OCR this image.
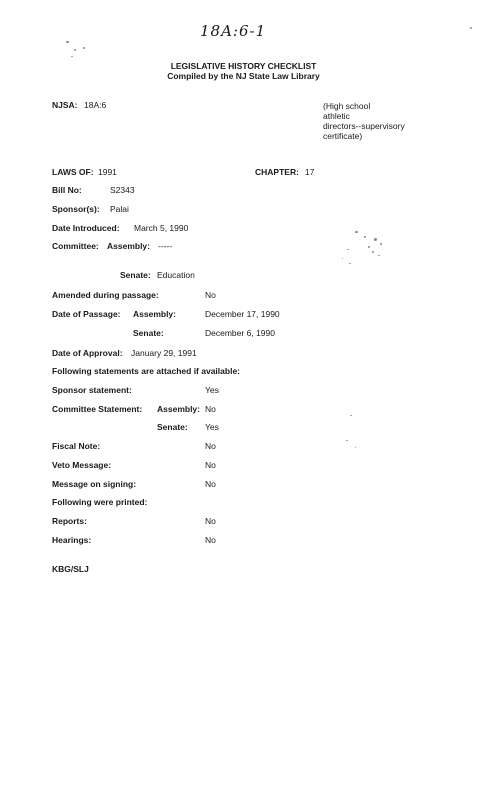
18A:6-1
LEGISLATIVE HISTORY CHECKLIST
Compiled by the NJ State Law Library
NJSA: 18A:6	(High school
athletic
directors--supervisory
certificate)
LAWS OF: 1991	CHAPTER: 17
Bill No:	S2343
Sponsor(s): Palai
Date Introduced: March 5, 1990
Committee: Assembly: -----
Senate: Education
Amended during passage:	No
Date of Passage: Assembly:	December 17, 1990
Senate:	December 6, 1990
Date of Approval: January 29, 1991
Following statements are attached if available:
Sponsor statement:	Yes
Committee Statement: Assembly: No
Senate: Yes
Fiscal Note:	No
Veto Message:	No
Message on signing:	No
Following were printed:
Reports:	No
Hearings:	No
KBG/SLJ
